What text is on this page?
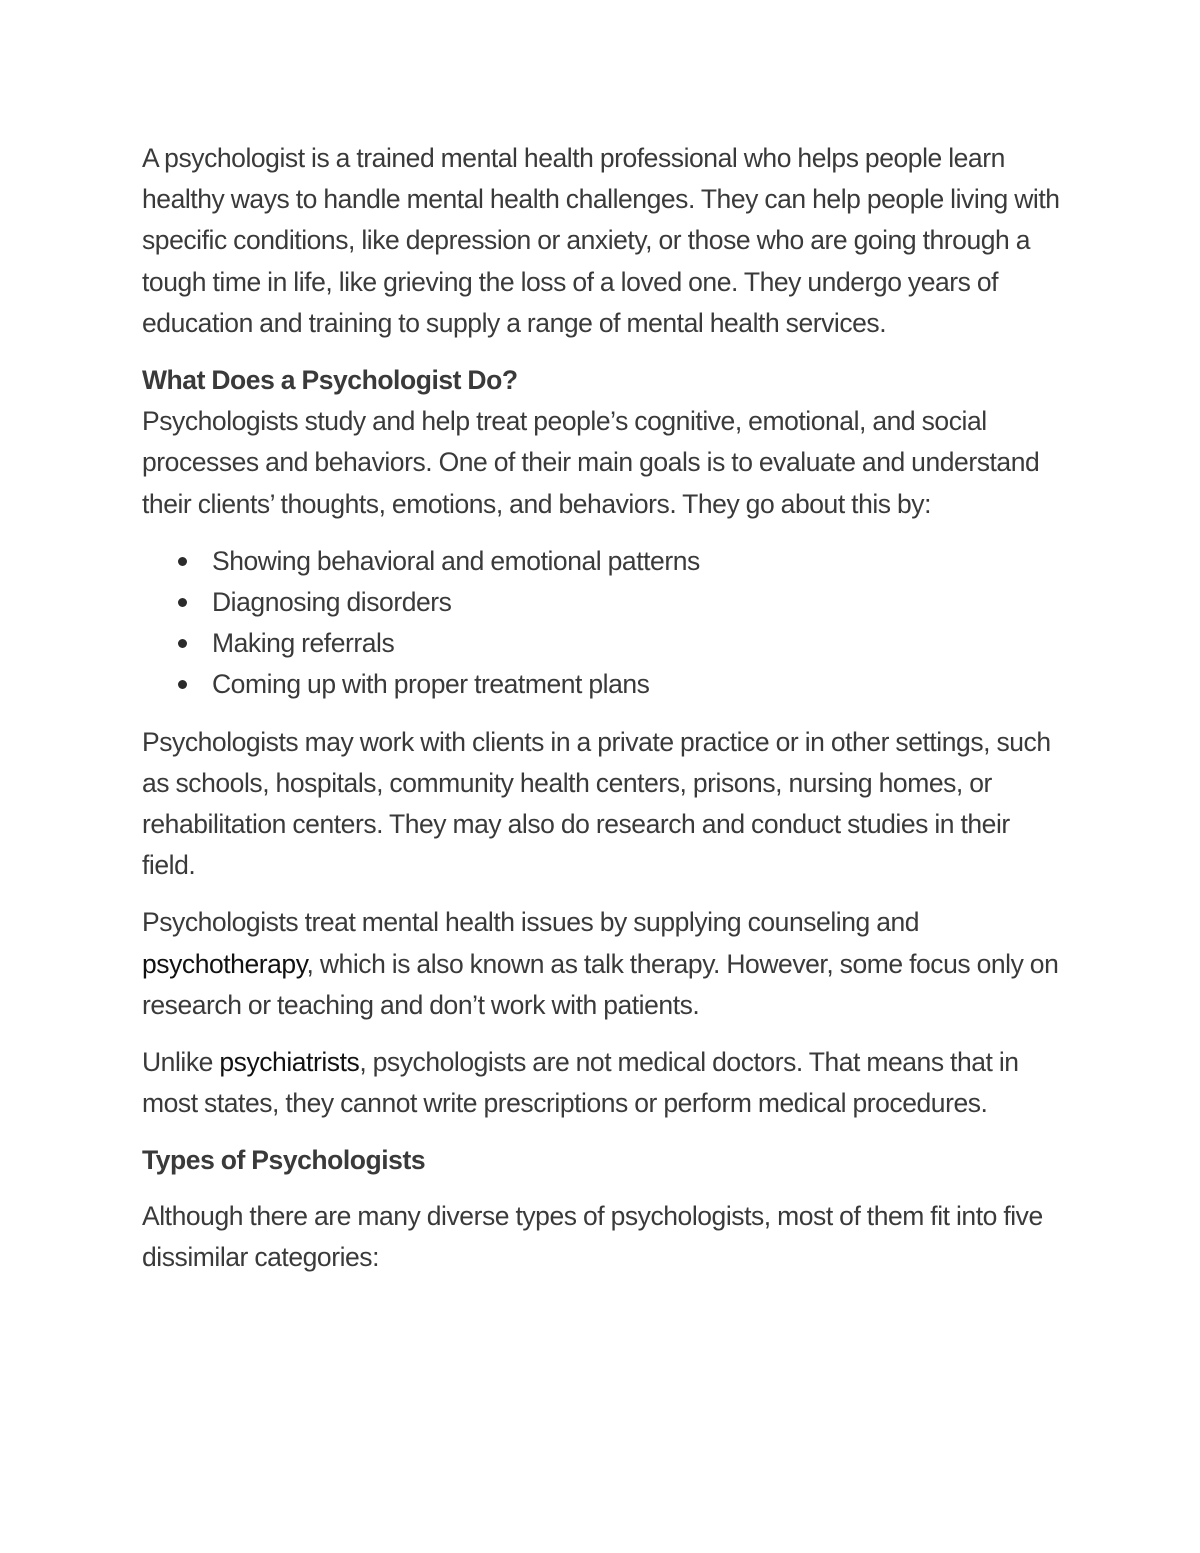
A psychologist is a trained mental health professional who helps people learn healthy ways to handle mental health challenges. They can help people living with specific conditions, like depression or anxiety, or those who are going through a tough time in life, like grieving the loss of a loved one. They undergo years of education and training to supply a range of mental health services.

What Does a Psychologist Do?

Psychologists study and help treat people’s cognitive, emotional, and social processes and behaviors. One of their main goals is to evaluate and understand their clients’ thoughts, emotions, and behaviors. They go about this by:

Showing behavioral and emotional patterns
Diagnosing disorders
Making referrals
Coming up with proper treatment plans

Psychologists may work with clients in a private practice or in other settings, such as schools, hospitals, community health centers, prisons, nursing homes, or rehabilitation centers. They may also do research and conduct studies in their field.

Psychologists treat mental health issues by supplying counseling and psychotherapy, which is also known as talk therapy. However, some focus only on research or teaching and don’t work with patients.

Unlike psychiatrists, psychologists are not medical doctors. That means that in most states, they cannot write prescriptions or perform medical procedures.

Types of Psychologists

Although there are many diverse types of psychologists, most of them fit into five dissimilar categories:
